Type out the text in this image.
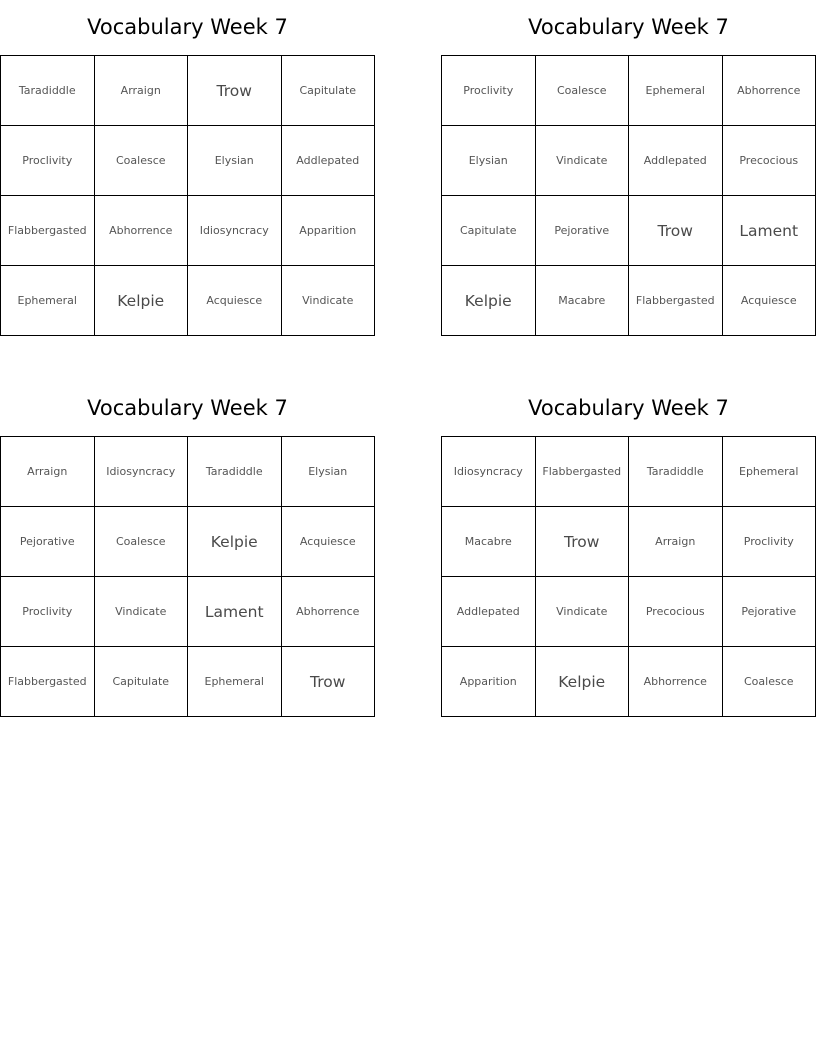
Vocabulary Week 7
Taradiddle	Arraign	Trow	Capitulate
Proclivity	Coalesce	Elysian	Addlepated
Flabbergasted	Abhorrence	Idiosyncracy	Apparition
Ephemeral	Kelpie	Acquiesce	Vindicate
Vocabulary Week 7
Proclivity	Coalesce	Ephemeral	Abhorrence
Elysian	Vindicate	Addlepated	Precocious
Capitulate	Pejorative	Trow	Lament
Kelpie	Macabre	Flabbergasted	Acquiesce
Vocabulary Week 7
Arraign	Idiosyncracy	Taradiddle	Elysian
Pejorative	Coalesce	Kelpie	Acquiesce
Proclivity	Vindicate	Lament	Abhorrence
Flabbergasted	Capitulate	Ephemeral	Trow
Vocabulary Week 7
Idiosyncracy	Flabbergasted	Taradiddle	Ephemeral
Macabre	Trow	Arraign	Proclivity
Addlepated	Vindicate	Precocious	Pejorative
Apparition	Kelpie	Abhorrence	Coalesce
